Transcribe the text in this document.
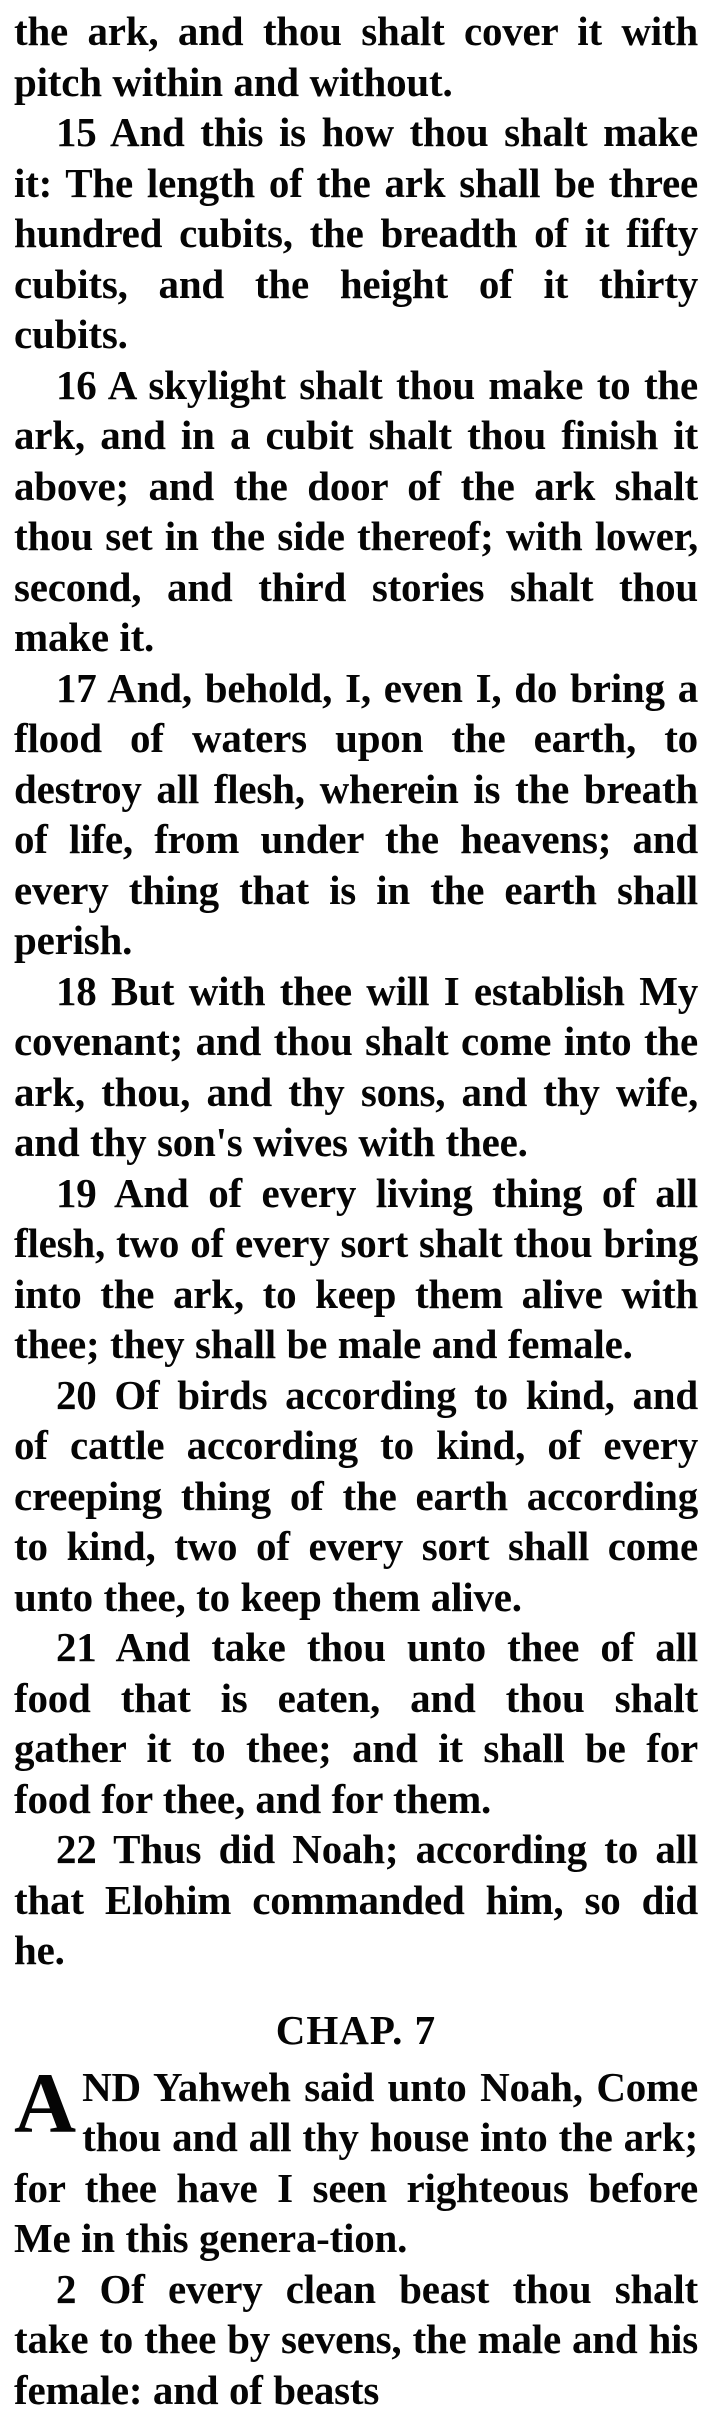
the ark, and thou shalt cover it with pitch within and without.

15 And this is how thou shalt make it: The length of the ark shall be three hundred cubits, the breadth of it fifty cubits, and the height of it thirty cubits.

16 A skylight shalt thou make to the ark, and in a cubit shalt thou finish it above; and the door of the ark shalt thou set in the side thereof; with lower, second, and third stories shalt thou make it.

17 And, behold, I, even I, do bring a flood of waters upon the earth, to destroy all flesh, wherein is the breath of life, from under the heavens; and every thing that is in the earth shall perish.

18 But with thee will I establish My covenant; and thou shalt come into the ark, thou, and thy sons, and thy wife, and thy son's wives with thee.

19 And of every living thing of all flesh, two of every sort shalt thou bring into the ark, to keep them alive with thee; they shall be male and female.

20 Of birds according to kind, and of cattle according to kind, of every creeping thing of the earth according to kind, two of every sort shall come unto thee, to keep them alive.

21 And take thou unto thee of all food that is eaten, and thou shalt gather it to thee; and it shall be for food for thee, and for them.

22 Thus did Noah; according to all that Elohim commanded him, so did he.

CHAP. 7
A ND Yahweh said unto Noah, Come thou and all thy house into the ark; for thee have I seen righteous before Me in this genera-tion.

2 Of every clean beast thou shalt take to thee by sevens, the male and his female: and of beasts
